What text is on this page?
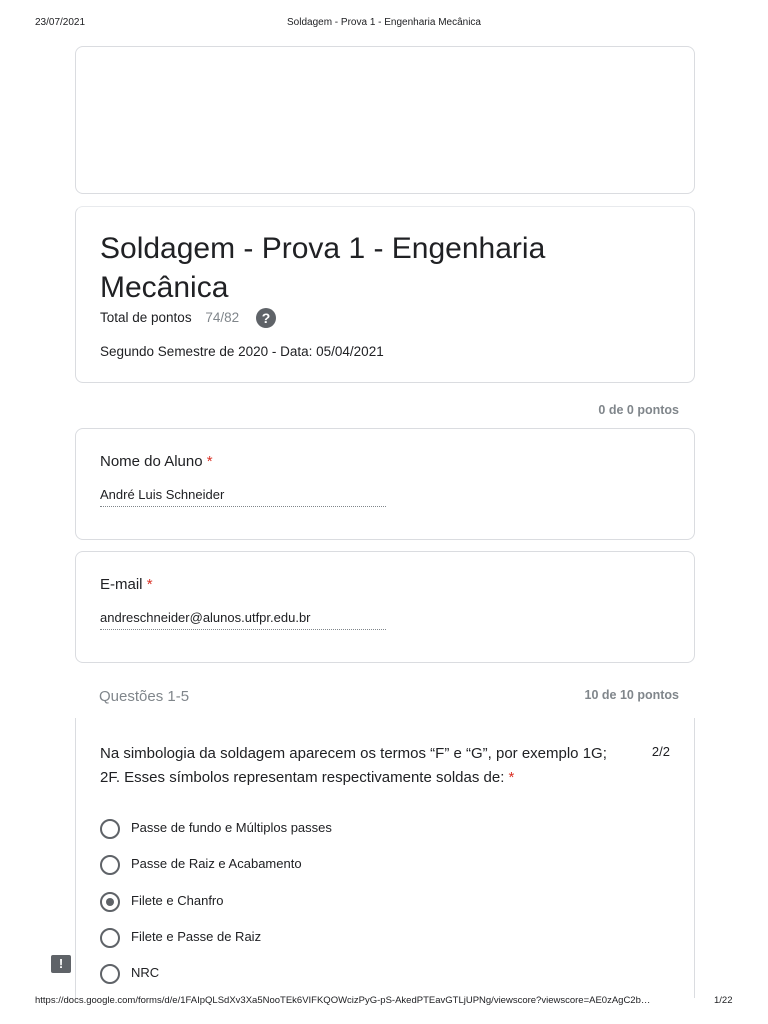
23/07/2021	Soldagem - Prova 1 - Engenharia Mecânica
Soldagem - Prova 1 - Engenharia Mecânica
Total de pontos 74/82	?
Segundo Semestre de 2020 - Data: 05/04/2021
0 de 0 pontos
Nome do Aluno *
André Luis Schneider
E-mail *
andreschneider@alunos.utfpr.edu.br
Questões 1-5	10 de 10 pontos
Na simbologia da soldagem aparecem os termos “F” e “G”, por exemplo 1G; 2F. Esses símbolos representam respectivamente soldas de: *
2/2
Passe de fundo e Múltiplos passes
Passe de Raiz e Acabamento
Filete e Chanfro
Filete e Passe de Raiz
NRC
!
https://docs.google.com/forms/d/e/1FAIpQLSdXv3Xa5NooTEk6VIFKQOWcizPyG-pS-AkedPTEavGTLjUPNg/viewscore?viewscore=AE0zAgC2b…	1/22
